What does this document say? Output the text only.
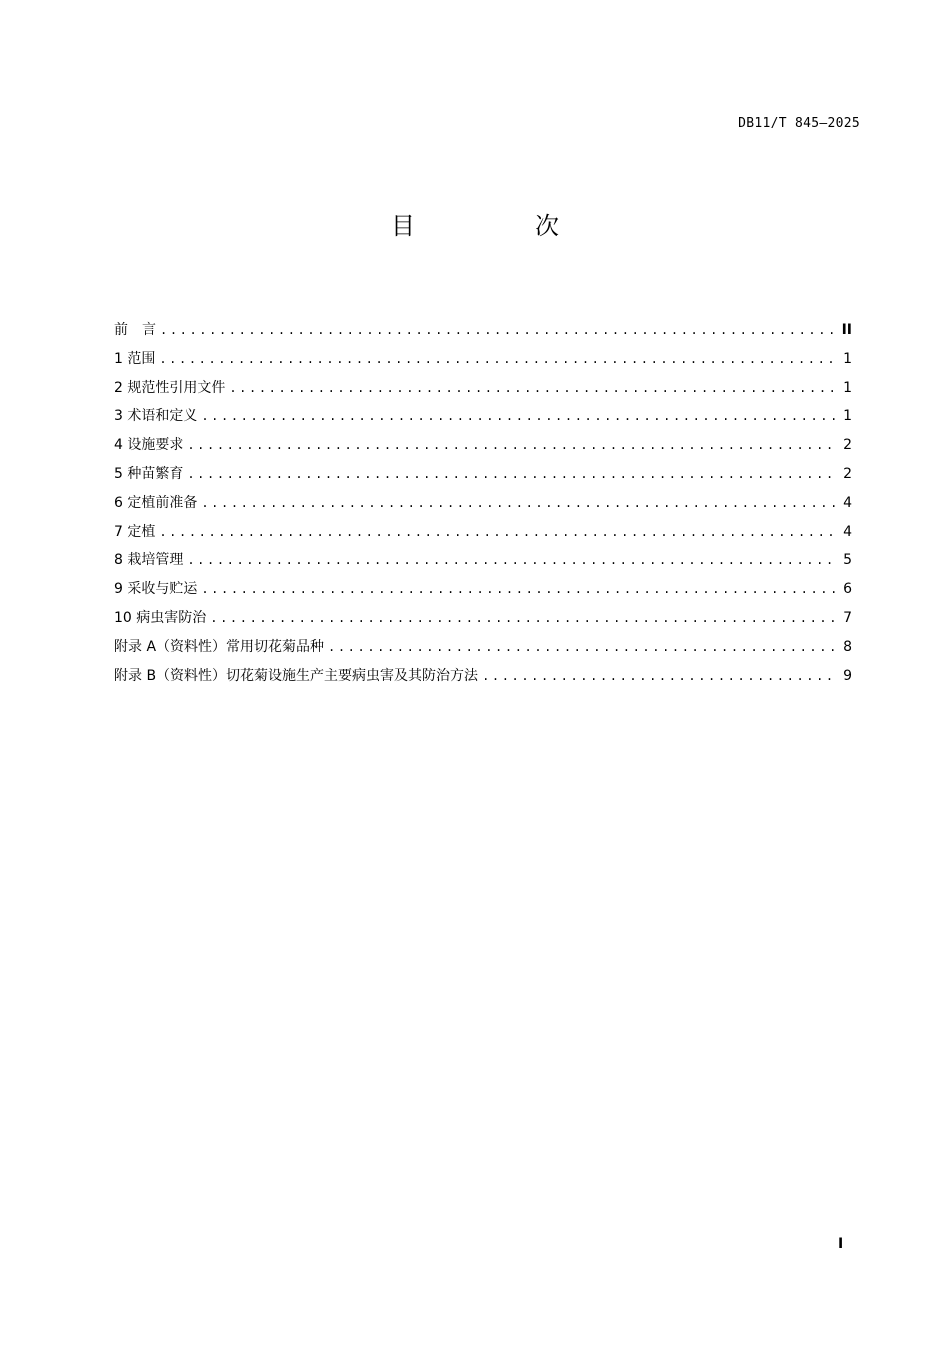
DB11/T 845—2025
目　次
前　言 .....	II
1 范围 .....	1
2 规范性引用文件 .....	1
3 术语和定义 .....	1
4 设施要求 .....	2
5 种苗繁育 .....	2
6 定植前准备 .....	4
7 定植 .....	4
8 栽培管理 .....	5
9 采收与贮运 .....	6
10 病虫害防治 .....	7
附录 A（资料性）常用切花菊品种 .....	8
附录 B（资料性）切花菊设施生产主要病虫害及其防治方法 .....	9
I
